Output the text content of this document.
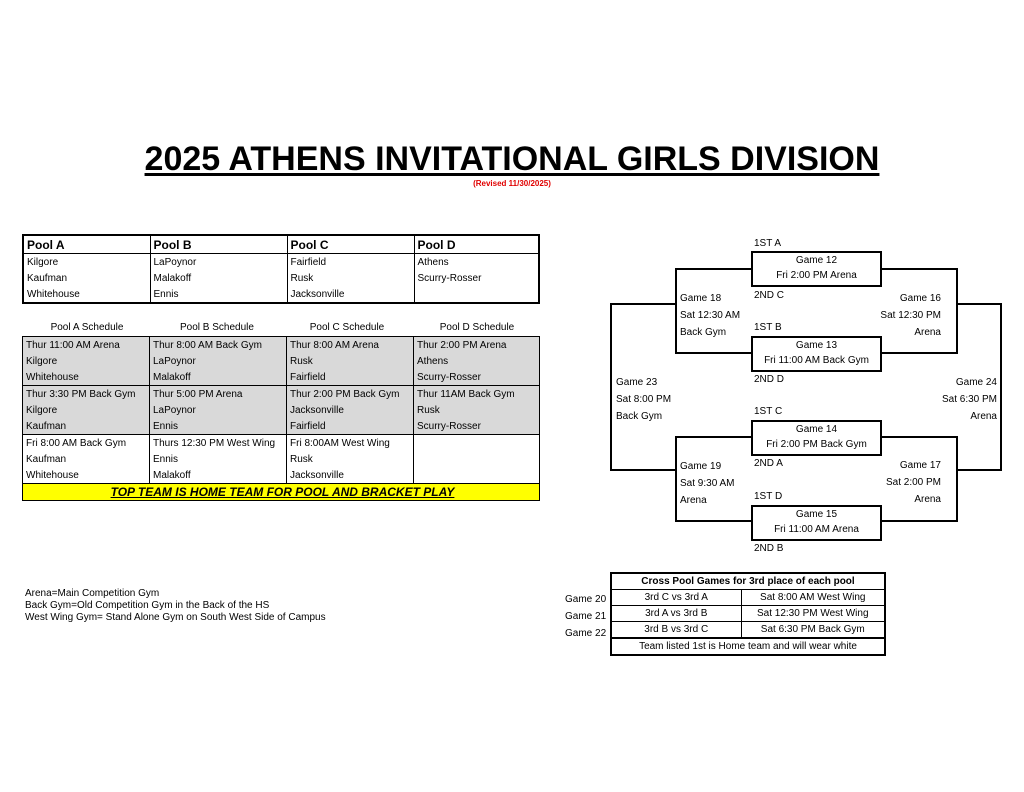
2025 ATHENS INVITATIONAL GIRLS DIVISION
(Revised 11/30/2025)
Pool A	Pool B	Pool C	Pool D
Kilgore	LaPoynor	Fairfield	Athens
Kaufman	Malakoff	Rusk	Scurry-Rosser
Whitehouse	Ennis	Jacksonville	
Pool A Schedule	Pool B Schedule	Pool C Schedule	Pool D Schedule
Thur 11:00 AM Arena	Thur 8:00 AM Back Gym	Thur 8:00 AM Arena	Thur 2:00 PM Arena
Kilgore	LaPoynor	Rusk	Athens
Whitehouse	Malakoff	Fairfield	Scurry-Rosser
Thur 3:30 PM Back Gym	Thur 5:00 PM Arena	Thur 2:00 PM Back Gym	Thur 11AM Back Gym
Kilgore	LaPoynor	Jacksonville	Rusk
Kaufman	Ennis	Fairfield	Scurry-Rosser
Fri 8:00 AM Back Gym	Thurs 12:30 PM West Wing	Fri 8:00AM West Wing	
Kaufman	Ennis	Rusk	
Whitehouse	Malakoff	Jacksonville	
TOP TEAM IS HOME TEAM FOR POOL AND BRACKET PLAY			
Arena=Main Competition Gym
Back Gym=Old Competition Gym in the Back of the HS
West Wing Gym= Stand Alone Gym on South West Side of Campus
Game 12
Fri 2:00 PM Arena
Game 13
Fri 11:00 AM Back Gym
Game 14
Fri 2:00 PM Back Gym
Game 15
Fri 11:00 AM Arena
1ST A
2ND C
1ST B
2ND D
1ST C
2ND A
1ST D
2ND B
Game 18
Sat 12:30 AM
Back Gym
Game 16
Sat 12:30 PM
Arena
Game 19
Sat 9:30 AM
Arena
Game 17
Sat 2:00 PM
Arena
Game 23
Sat 8:00 PM
Back Gym
Game 24
Sat 6:30 PM
Arena
Game 20
Game 21
Game 22
Cross Pool Games for 3rd place of each pool	
3rd C vs 3rd A	Sat 8:00 AM West Wing
3rd A vs 3rd B	Sat 12:30 PM West Wing
3rd B vs 3rd C	Sat 6:30 PM Back Gym
Team listed 1st is Home team and will wear white	
